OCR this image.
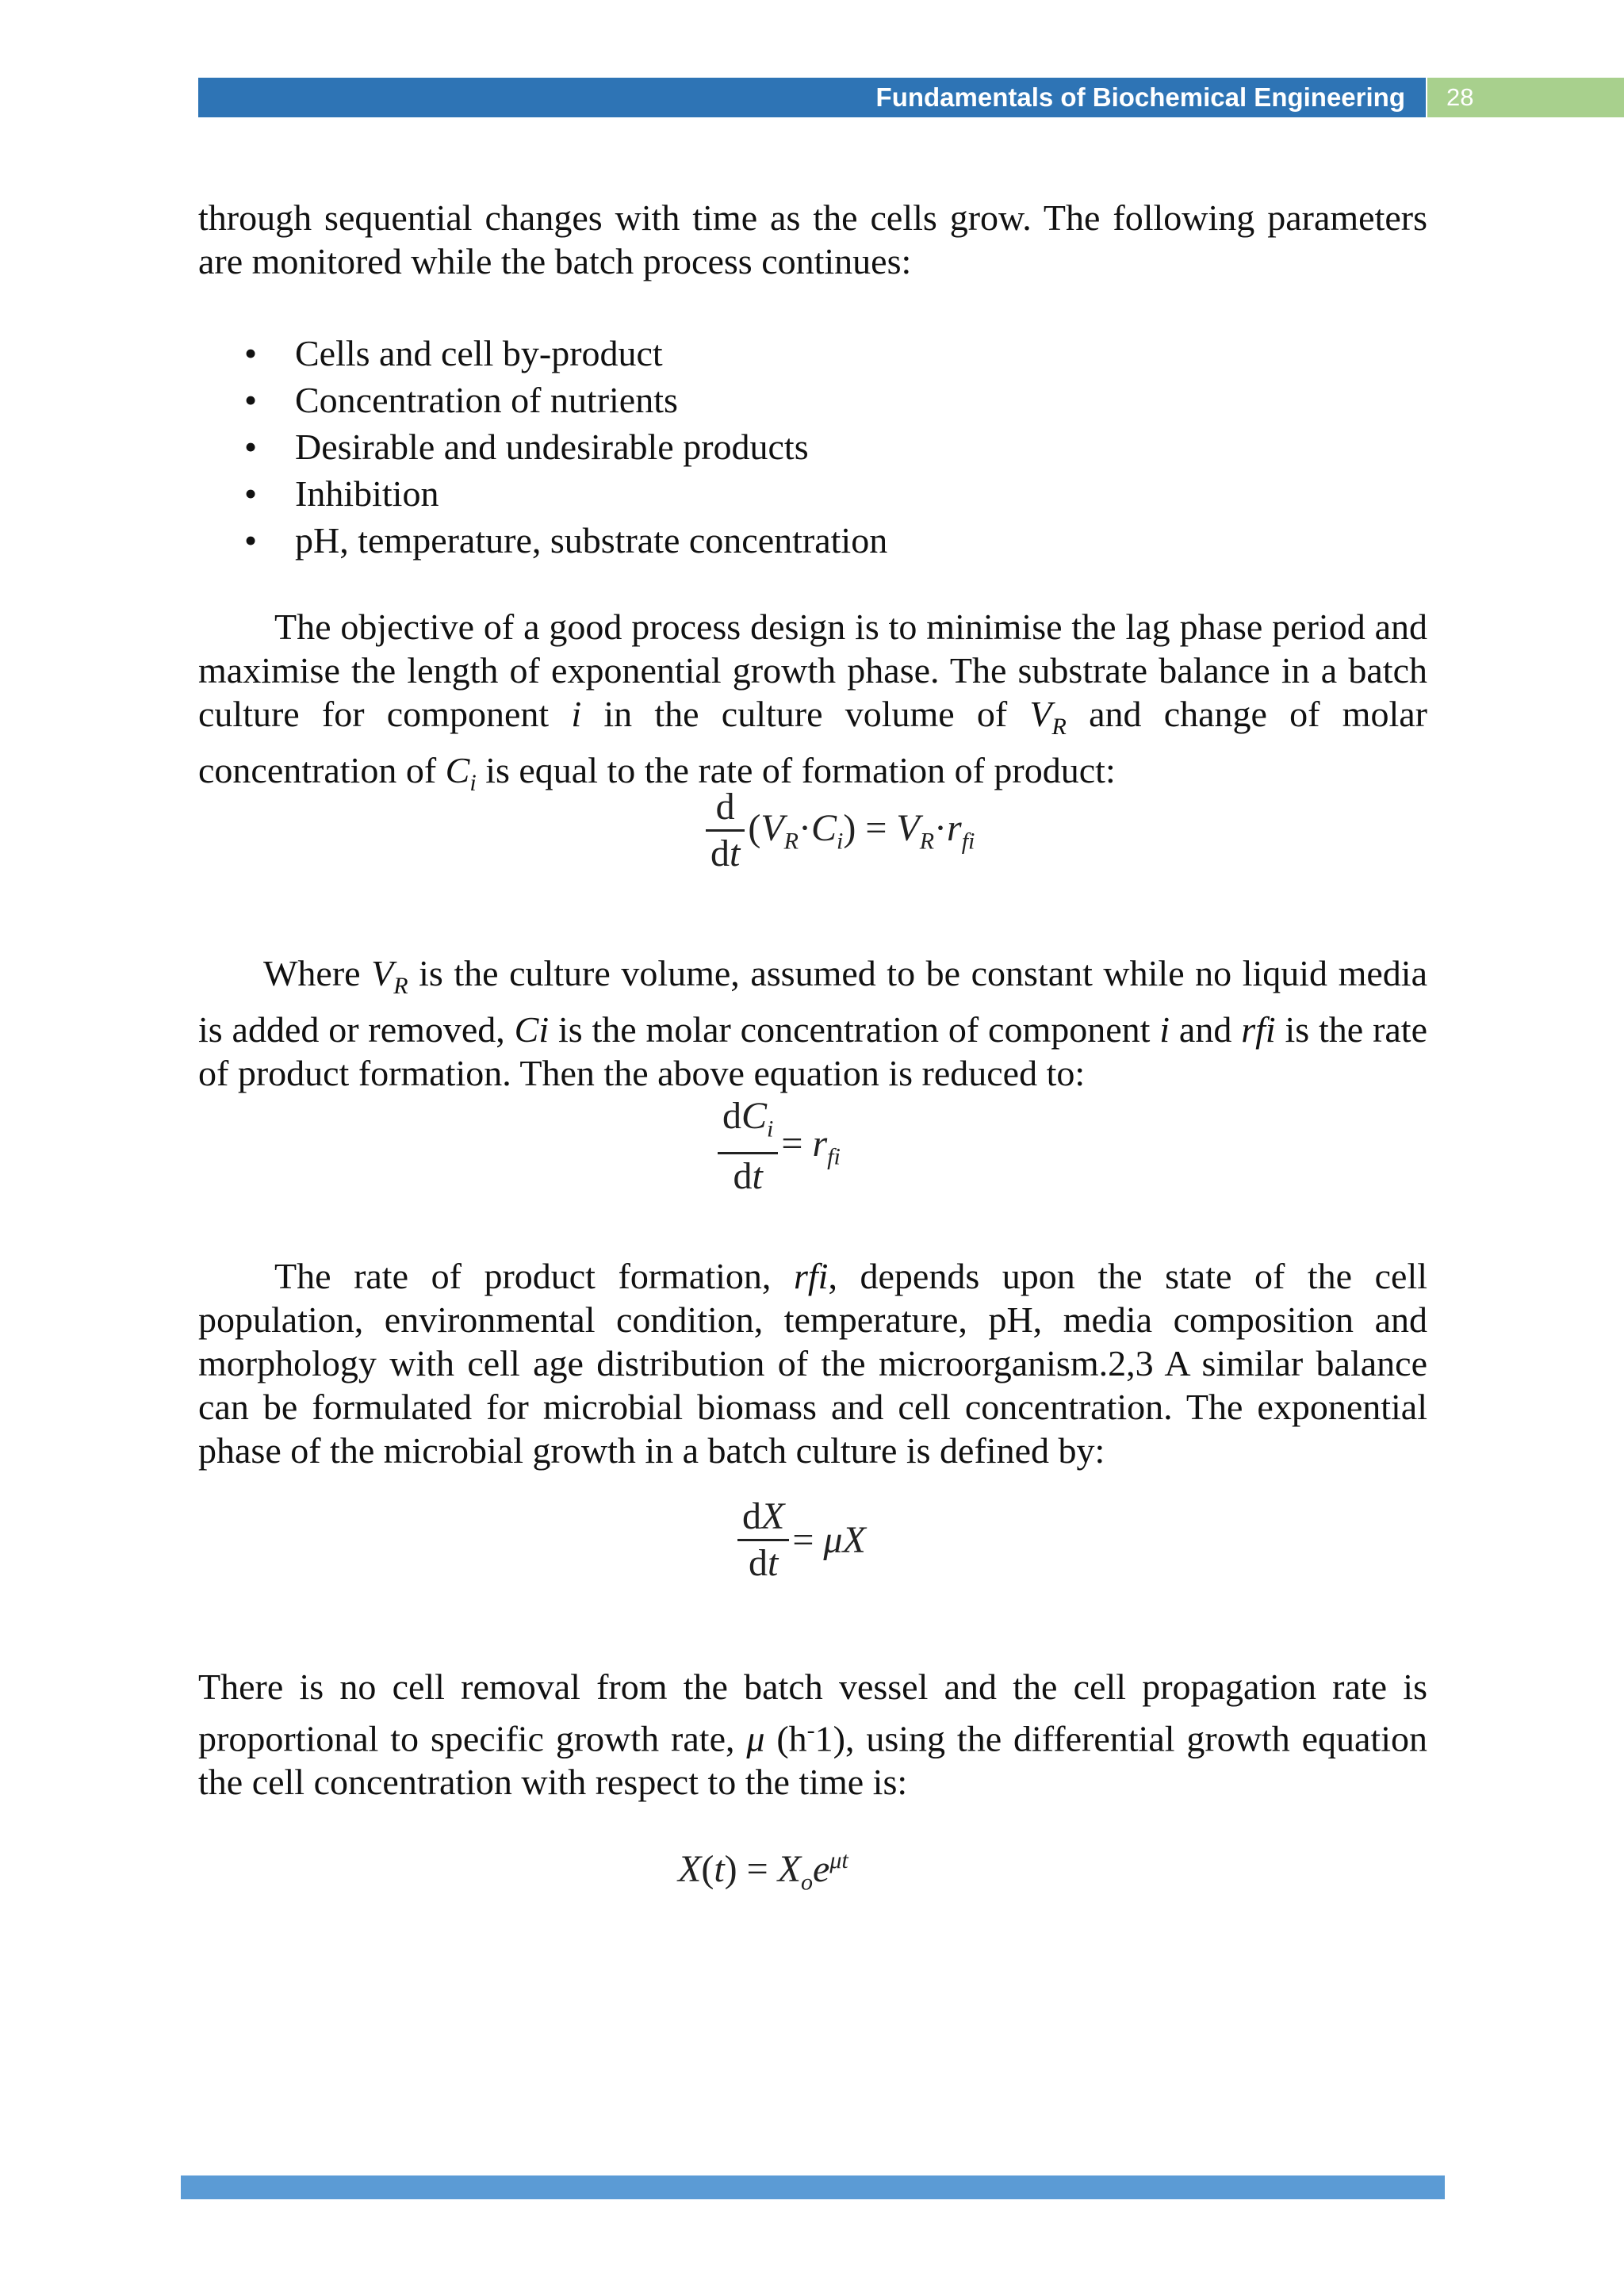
Fundamentals of Biochemical Engineering	28

through sequential changes with time as the cells grow. The following parameters are monitored while the batch process continues:

• Cells and cell by-product
• Concentration of nutrients
• Desirable and undesirable products
• Inhibition
• pH, temperature, substrate concentration

The objective of a good process design is to minimise the lag phase period and maximise the length of exponential growth phase. The substrate balance in a batch culture for component i in the culture volume of $V_R$ and change of molar concentration of $C_i$ is equal to the rate of formation of product:

$\frac{d}{dt} (V_R\cdot C_i) = V_R\cdot r_{fi}$

Where $V_R$ is the culture volume, assumed to be constant while no liquid media is added or removed, Ci is the molar concentration of component i and rfi is the rate of product formation. Then the above equation is reduced to:

$\frac{dC_i}{dt} = r_{fi}$

The rate of product formation, rfi, depends upon the state of the cell population, environmental condition, temperature, pH, media composition and morphology with cell age distribution of the microorganism.2,3 A similar balance can be formulated for microbial biomass and cell concentration. The exponential phase of the microbial growth in a batch culture is defined by:

$\frac{dX}{dt} = \mu X$

There is no cell removal from the batch vessel and the cell propagation rate is proportional to specific growth rate, μ (h-1), using the differential growth equation the cell concentration with respect to the time is:

$X(t) = X_oe^{\mu t}$
